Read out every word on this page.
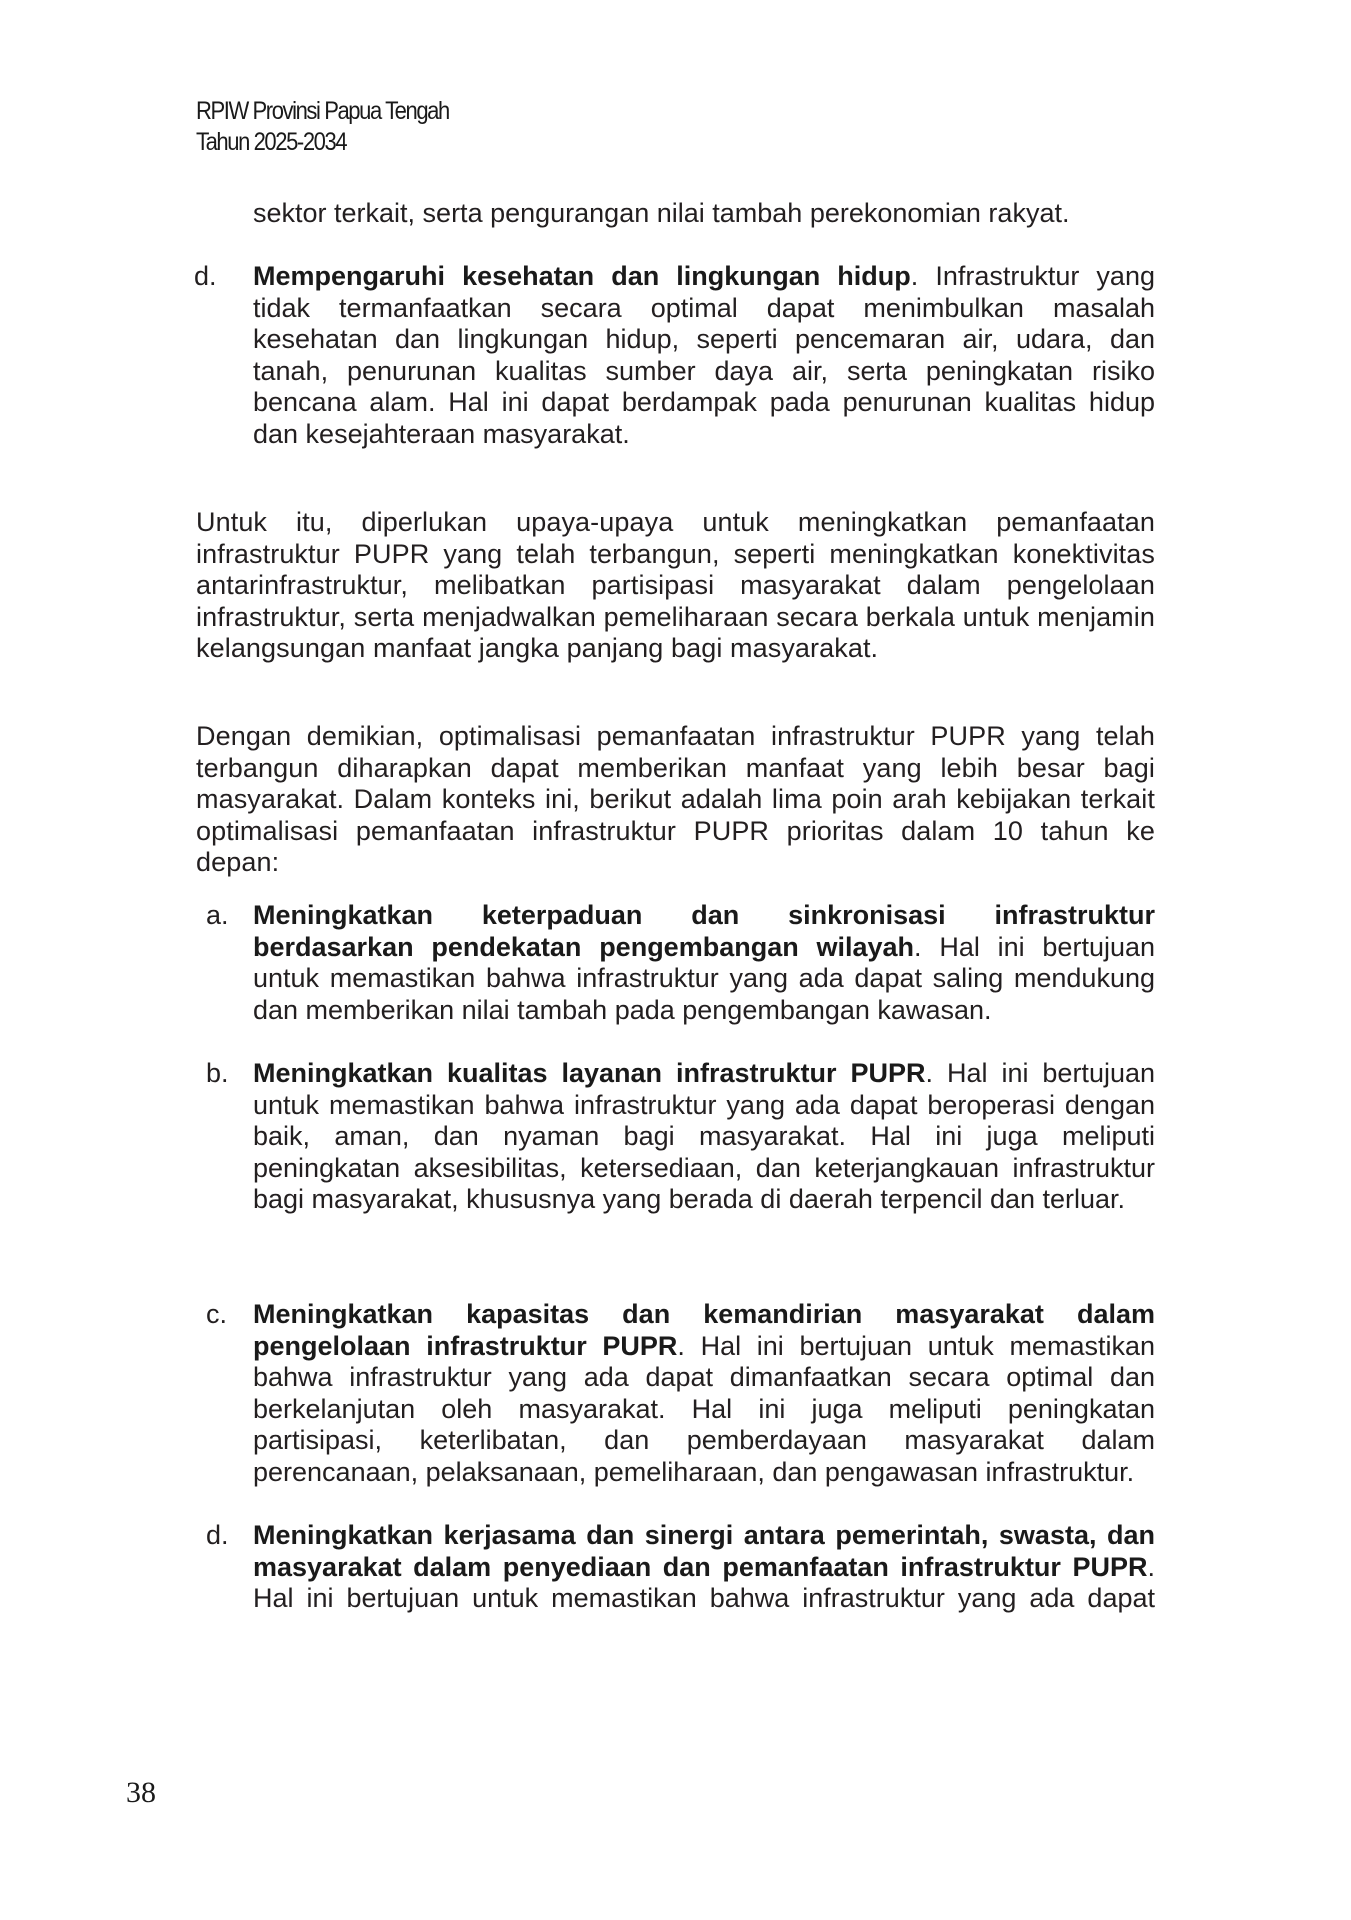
RPIW Provinsi Papua Tengah
Tahun 2025-2034
sektor terkait, serta pengurangan nilai tambah perekonomian rakyat.
d. Mempengaruhi kesehatan dan lingkungan hidup. Infrastruktur yang tidak termanfaatkan secara optimal dapat menimbulkan masalah kesehatan dan lingkungan hidup, seperti pencemaran air, udara, dan tanah, penurunan kualitas sumber daya air, serta peningkatan risiko bencana alam. Hal ini dapat berdampak pada penurunan kualitas hidup dan kesejahteraan masyarakat.

Untuk itu, diperlukan upaya-upaya untuk meningkatkan pemanfaatan infrastruktur PUPR yang telah terbangun, seperti meningkatkan konektivitas antarinfrastruktur, melibatkan partisipasi masyarakat dalam pengelolaan infrastruktur, serta menjadwalkan pemeliharaan secara berkala untuk menjamin kelangsungan manfaat jangka panjang bagi masyarakat.

Dengan demikian, optimalisasi pemanfaatan infrastruktur PUPR yang telah terbangun diharapkan dapat memberikan manfaat yang lebih besar bagi masyarakat. Dalam konteks ini, berikut adalah lima poin arah kebijakan terkait optimalisasi pemanfaatan infrastruktur PUPR prioritas dalam 10 tahun ke depan:

a. Meningkatkan keterpaduan dan sinkronisasi infrastruktur berdasarkan pendekatan pengembangan wilayah. Hal ini bertujuan untuk memastikan bahwa infrastruktur yang ada dapat saling mendukung dan memberikan nilai tambah pada pengembangan kawasan.
b. Meningkatkan kualitas layanan infrastruktur PUPR. Hal ini bertujuan untuk memastikan bahwa infrastruktur yang ada dapat beroperasi dengan baik, aman, dan nyaman bagi masyarakat. Hal ini juga meliputi peningkatan aksesibilitas, ketersediaan, dan keterjangkauan infrastruktur bagi masyarakat, khususnya yang berada di daerah terpencil dan terluar.
c. Meningkatkan kapasitas dan kemandirian masyarakat dalam pengelolaan infrastruktur PUPR. Hal ini bertujuan untuk memastikan bahwa infrastruktur yang ada dapat dimanfaatkan secara optimal dan berkelanjutan oleh masyarakat. Hal ini juga meliputi peningkatan partisipasi, keterlibatan, dan pemberdayaan masyarakat dalam perencanaan, pelaksanaan, pemeliharaan, dan pengawasan infrastruktur.
d. Meningkatkan kerjasama dan sinergi antara pemerintah, swasta, dan masyarakat dalam penyediaan dan pemanfaatan infrastruktur PUPR. Hal ini bertujuan untuk memastikan bahwa infrastruktur yang ada dapat
38
